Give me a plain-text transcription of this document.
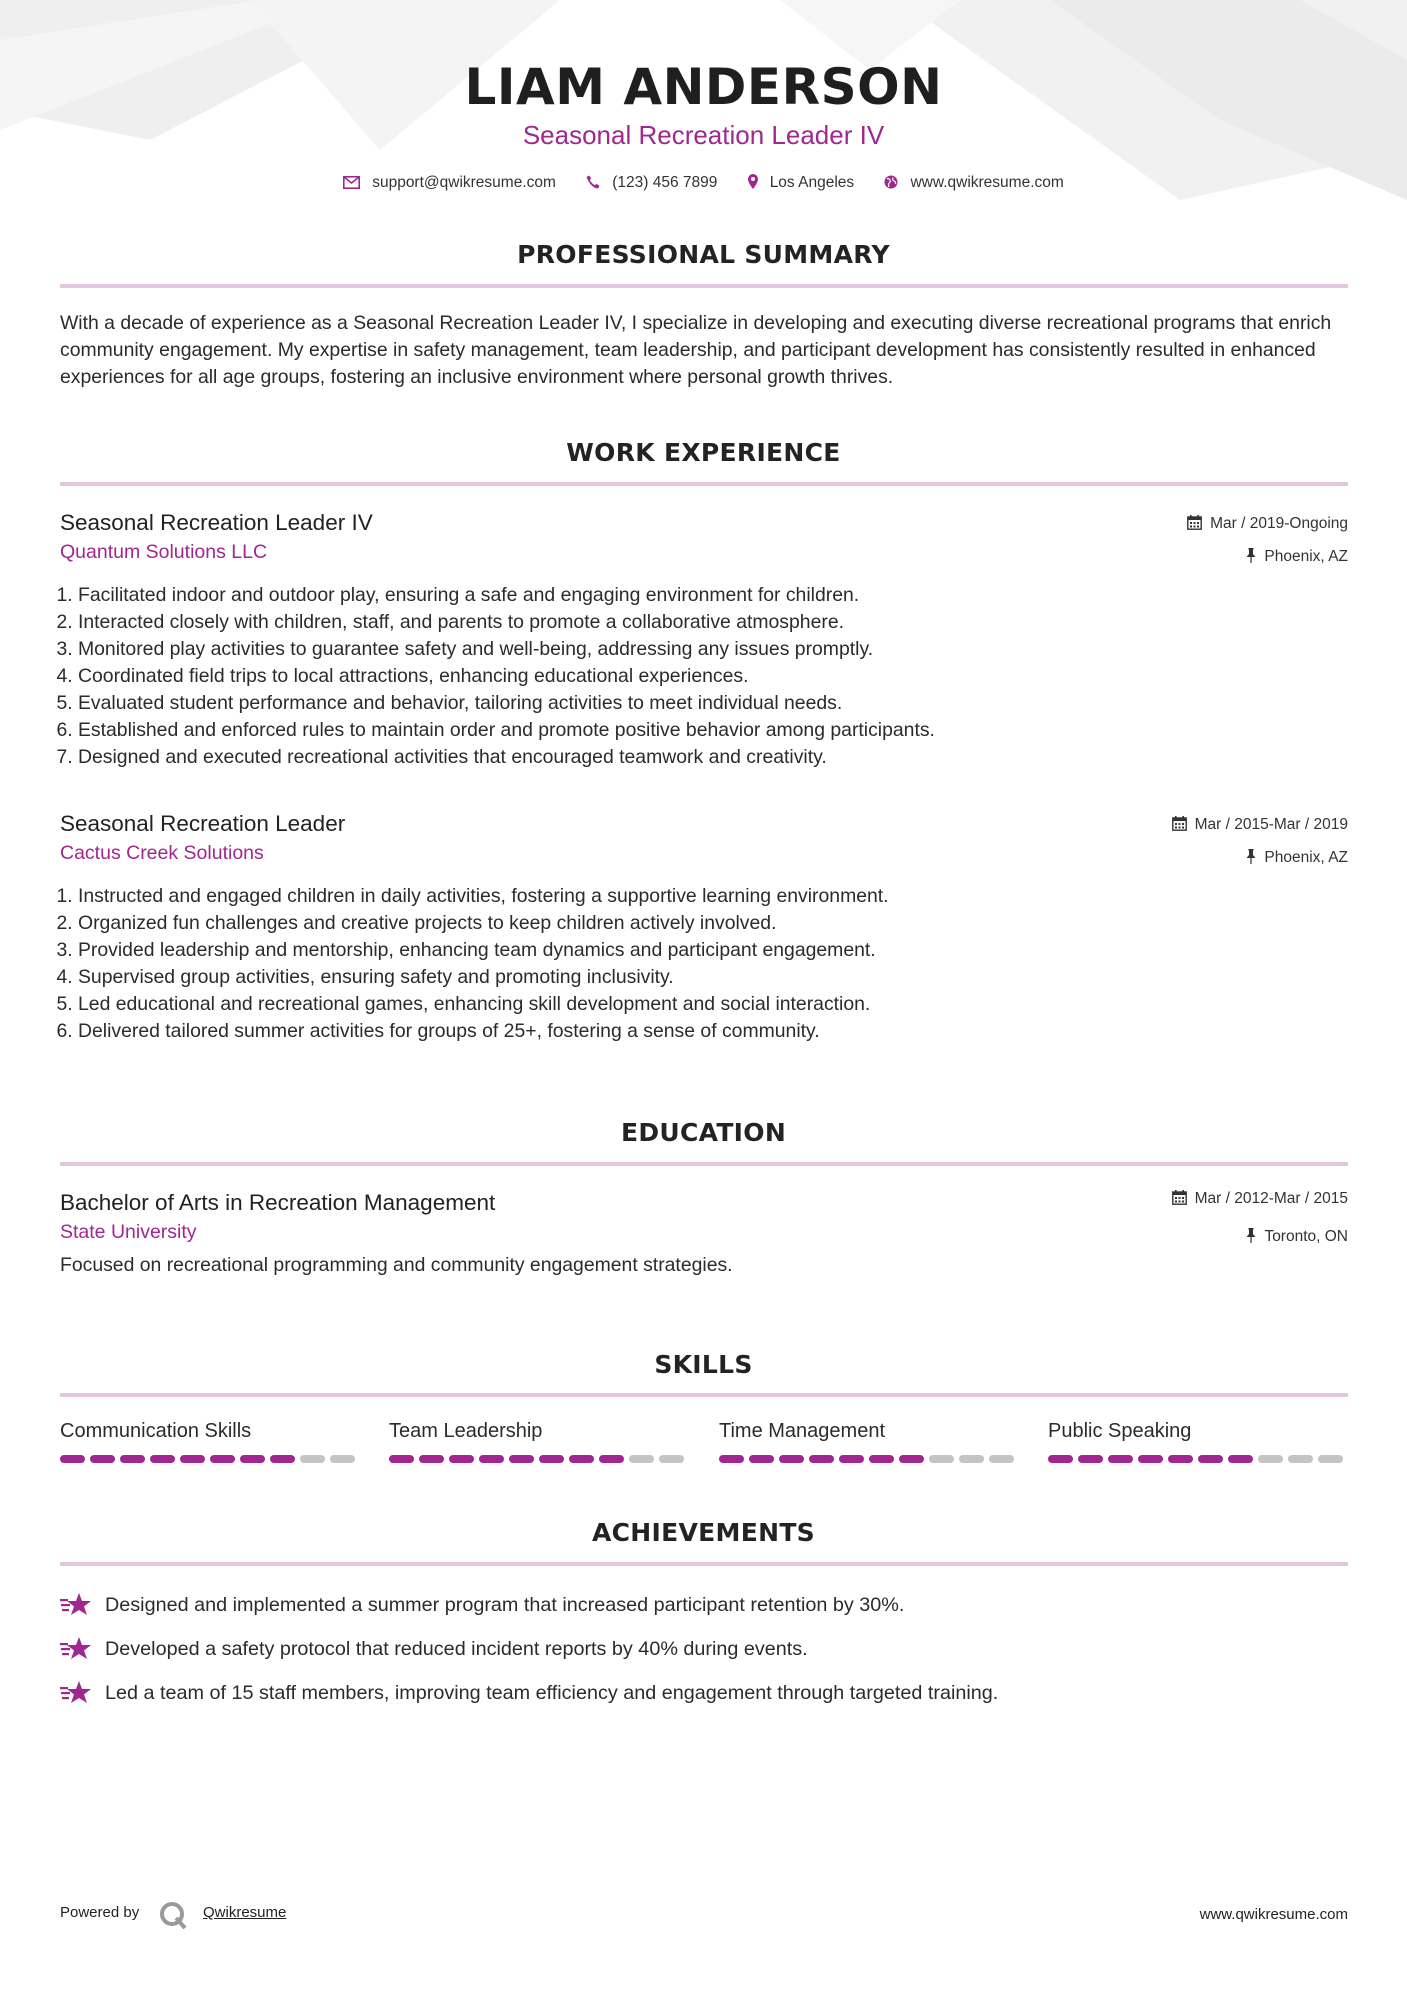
LIAM ANDERSON
Seasonal Recreation Leader IV
support@qwikresume.com	(123) 456 7899	Los Angeles	www.qwikresume.com
PROFESSIONAL SUMMARY
With a decade of experience as a Seasonal Recreation Leader IV, I specialize in developing and executing diverse recreational programs that enrich community engagement. My expertise in safety management, team leadership, and participant development has consistently resulted in enhanced experiences for all age groups, fostering an inclusive environment where personal growth thrives.
WORK EXPERIENCE
Seasonal Recreation Leader IV
Quantum Solutions LLC
Mar / 2019-Ongoing
Phoenix, AZ
1. Facilitated indoor and outdoor play, ensuring a safe and engaging environment for children.
2. Interacted closely with children, staff, and parents to promote a collaborative atmosphere.
3. Monitored play activities to guarantee safety and well-being, addressing any issues promptly.
4. Coordinated field trips to local attractions, enhancing educational experiences.
5. Evaluated student performance and behavior, tailoring activities to meet individual needs.
6. Established and enforced rules to maintain order and promote positive behavior among participants.
7. Designed and executed recreational activities that encouraged teamwork and creativity.
Seasonal Recreation Leader
Cactus Creek Solutions
Mar / 2015-Mar / 2019
Phoenix, AZ
1. Instructed and engaged children in daily activities, fostering a supportive learning environment.
2. Organized fun challenges and creative projects to keep children actively involved.
3. Provided leadership and mentorship, enhancing team dynamics and participant engagement.
4. Supervised group activities, ensuring safety and promoting inclusivity.
5. Led educational and recreational games, enhancing skill development and social interaction.
6. Delivered tailored summer activities for groups of 25+, fostering a sense of community.
EDUCATION
Bachelor of Arts in Recreation Management
State University
Mar / 2012-Mar / 2015
Toronto, ON
Focused on recreational programming and community engagement strategies.
SKILLS
Communication Skills	Team Leadership	Time Management	Public Speaking
ACHIEVEMENTS
Designed and implemented a summer program that increased participant retention by 30%.
Developed a safety protocol that reduced incident reports by 40% during events.
Led a team of 15 staff members, improving team efficiency and engagement through targeted training.
Powered by	Qwikresume	www.qwikresume.com
